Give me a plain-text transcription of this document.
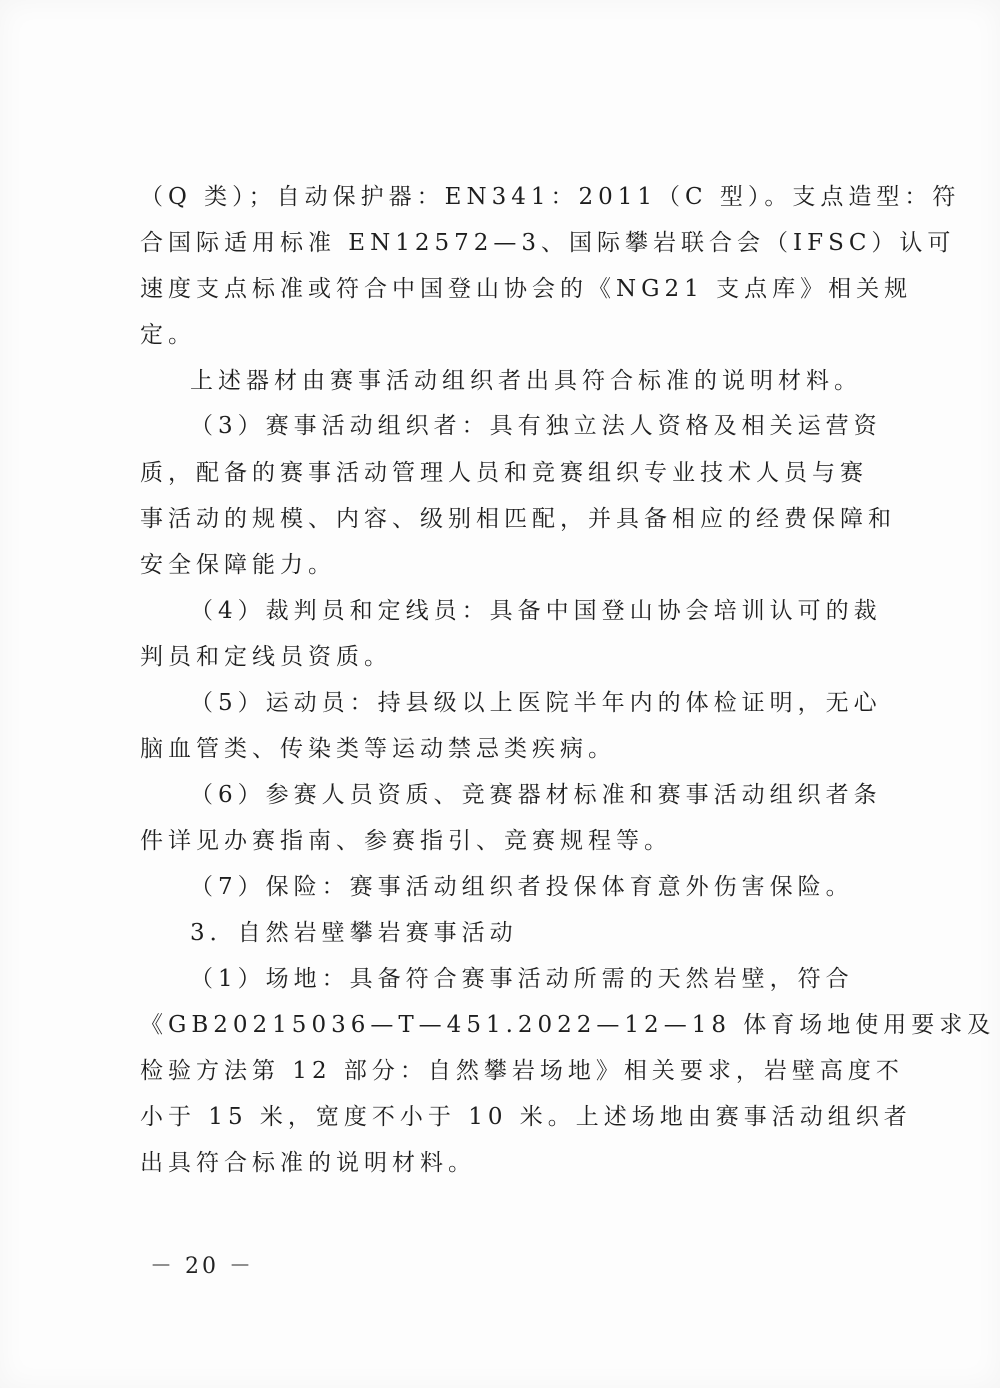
（Q 类）；自动保护器：EN341：2011（C 型）。支点造型：符
合国际适用标准 EN12572—3、国际攀岩联合会（IFSC）认可
速度支点标准或符合中国登山协会的《NG21 支点库》相关规
定。
上述器材由赛事活动组织者出具符合标准的说明材料。
（3）赛事活动组织者：具有独立法人资格及相关运营资
质，配备的赛事活动管理人员和竞赛组织专业技术人员与赛
事活动的规模、内容、级别相匹配，并具备相应的经费保障和
安全保障能力。
（4）裁判员和定线员：具备中国登山协会培训认可的裁
判员和定线员资质。
（5）运动员：持县级以上医院半年内的体检证明，无心
脑血管类、传染类等运动禁忌类疾病。
（6）参赛人员资质、竞赛器材标准和赛事活动组织者条
件详见办赛指南、参赛指引、竞赛规程等。
（7）保险：赛事活动组织者投保体育意外伤害保险。
3．自然岩壁攀岩赛事活动
（1）场地：具备符合赛事活动所需的天然岩壁，符合
《GB20215036—T—451.2022—12—18 体育场地使用要求及
检验方法第 12 部分：自然攀岩场地》相关要求，岩壁高度不
小于 15 米，宽度不小于 10 米。上述场地由赛事活动组织者
出具符合标准的说明材料。
－ 20 －
